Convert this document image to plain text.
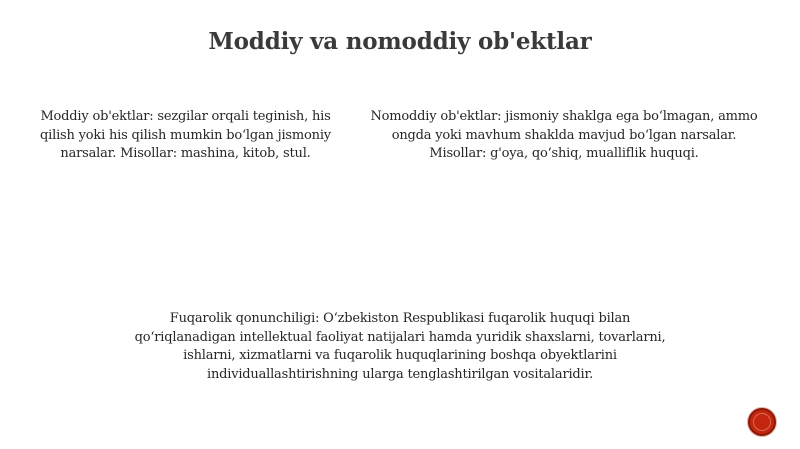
Moddiy va nomoddiy ob'ektlar

Moddiy ob'ektlar: sezgilar orqali teginish, his qilish yoki his qilish mumkin boʻlgan jismoniy narsalar. Misollar: mashina, kitob, stul.

Nomoddiy ob'ektlar: jismoniy shaklga ega boʻlmagan, ammo ongda yoki mavhum shaklda mavjud boʻlgan narsalar. Misollar: g'oya, qoʻshiq, mualliflik huquqi.

Fuqarolik qonunchiligi: Oʻzbekiston Respublikasi fuqarolik huquqi bilan qoʻriqlanadigan intellektual faoliyat natijalari hamda yuridik shaxslarni, tovarlarni, ishlarni, xizmatlarni va fuqarolik huquqlarining boshqa obyektlarini individuallashtirishning ularga tenglashtirilgan vositalaridir.
